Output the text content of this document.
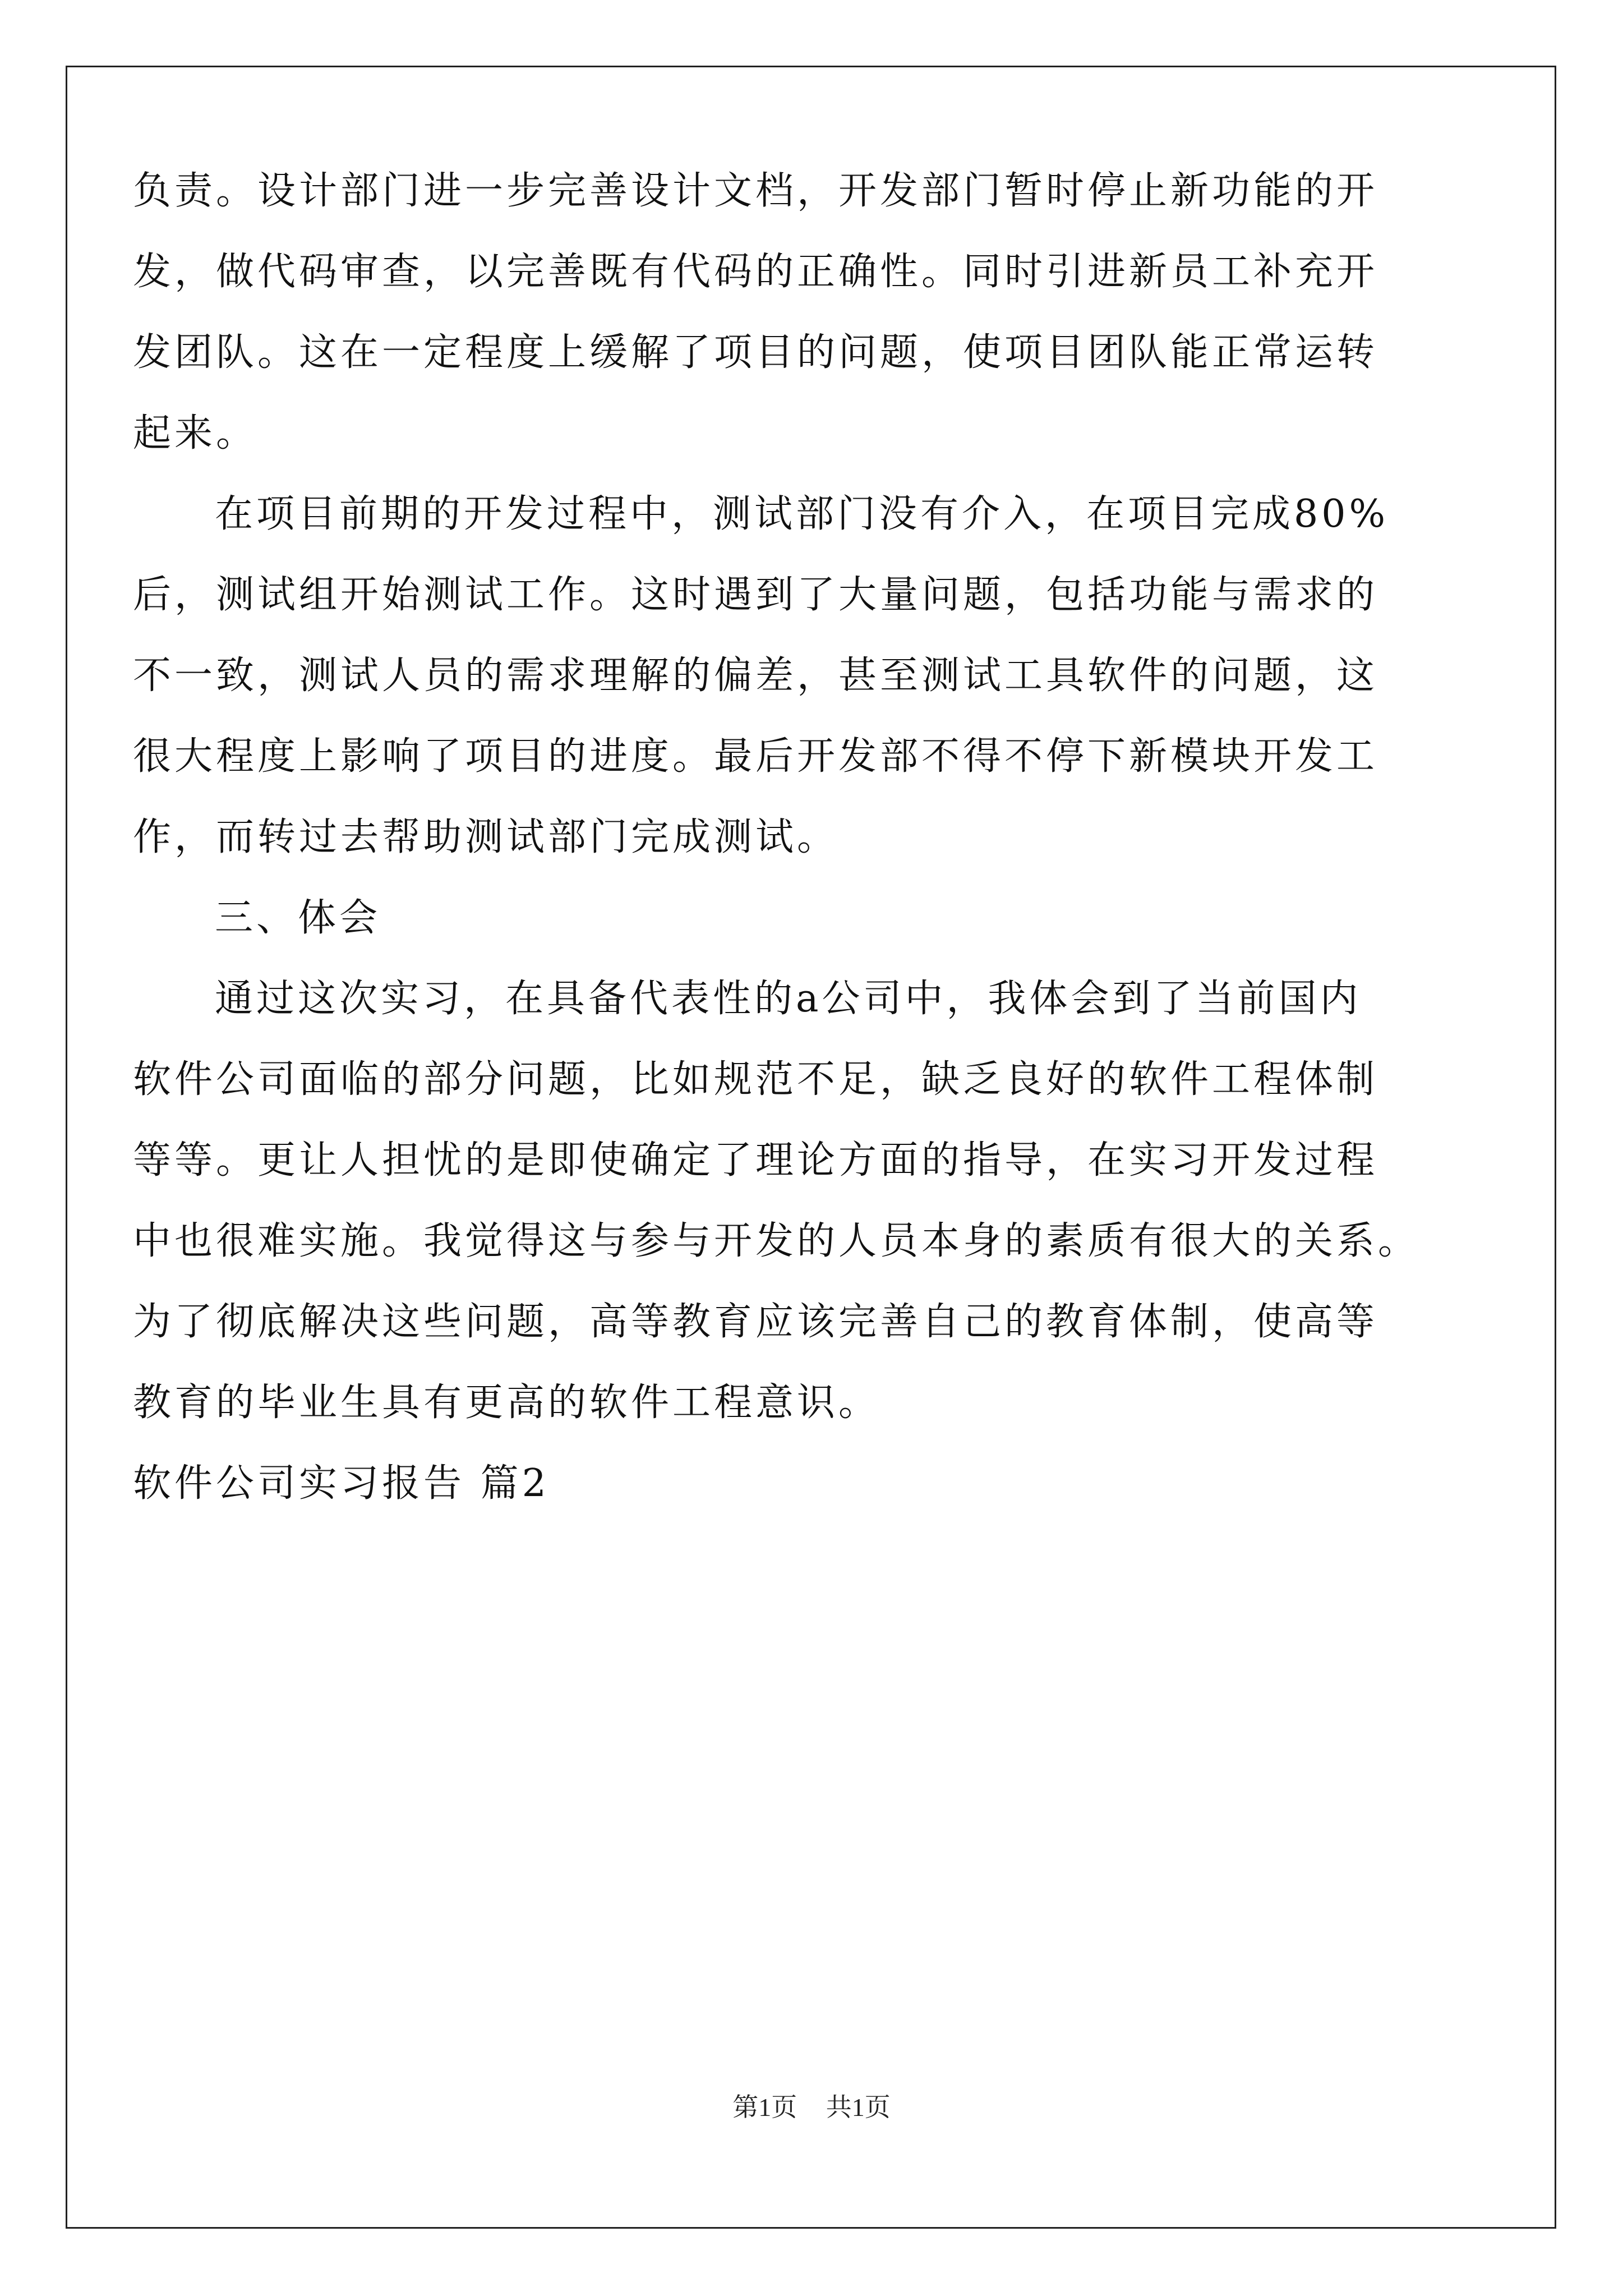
负责。设计部门进一步完善设计文档，开发部门暂时停止新功能的开
发，做代码审查，以完善既有代码的正确性。同时引进新员工补充开
发团队。这在一定程度上缓解了项目的问题，使项目团队能正常运转
起来。
在项目前期的开发过程中，测试部门没有介入，在项目完成80%
后，测试组开始测试工作。这时遇到了大量问题，包括功能与需求的
不一致，测试人员的需求理解的偏差，甚至测试工具软件的问题，这
很大程度上影响了项目的进度。最后开发部不得不停下新模块开发工
作，而转过去帮助测试部门完成测试。
三、体会
通过这次实习，在具备代表性的a公司中，我体会到了当前国内
软件公司面临的部分问题，比如规范不足，缺乏良好的软件工程体制
等等。更让人担忧的是即使确定了理论方面的指导，在实习开发过程
中也很难实施。我觉得这与参与开发的人员本身的素质有很大的关系。
为了彻底解决这些问题，高等教育应该完善自己的教育体制，使高等
教育的毕业生具有更高的软件工程意识。
软件公司实习报告 篇2
第1页 共1页
